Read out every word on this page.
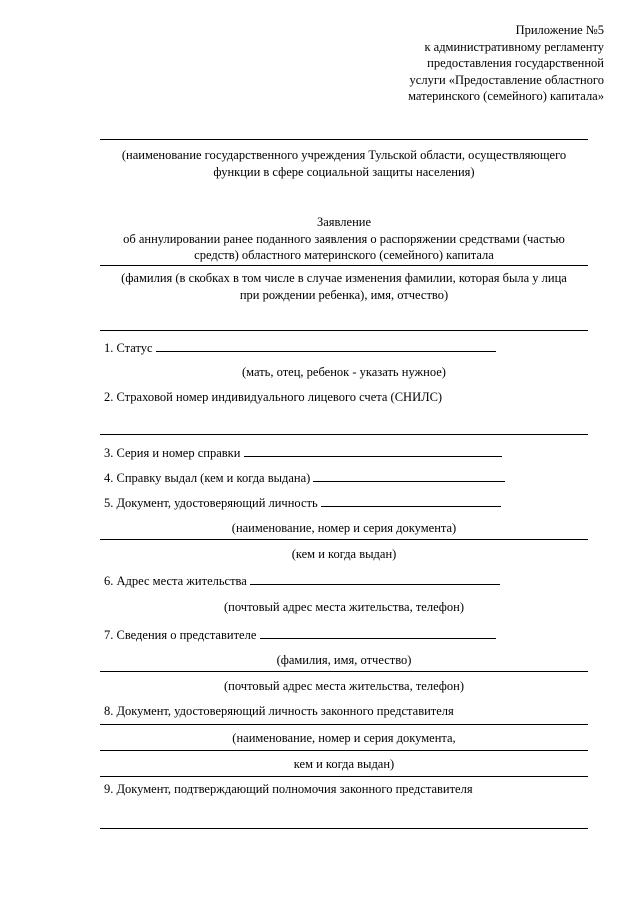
Приложение №5
к административному регламенту
предоставления государственной
услуги «Предоставление областного
материнского (семейного) капитала»
(наименование государственного учреждения Тульской области, осуществляющего
функции в сфере социальной защиты населения)
Заявление
об аннулировании ранее поданного заявления о распоряжении средствами (частью
средств) областного материнского (семейного) капитала
(фамилия (в скобках в том числе в случае изменения фамилии, которая была у лица
при рождении ребенка), имя, отчество)
1. Статус
(мать, отец, ребенок - указать нужное)
2. Страховой номер индивидуального лицевого счета (СНИЛС)
3. Серия и номер справки
4. Справку выдал (кем и когда выдана)
5. Документ, удостоверяющий личность
(наименование, номер и серия документа)
(кем и когда выдан)
6. Адрес места жительства
(почтовый адрес места жительства, телефон)
7. Сведения о представителе
(фамилия, имя, отчество)
(почтовый адрес места жительства, телефон)
8. Документ, удостоверяющий личность законного представителя
(наименование, номер и серия документа,
кем и когда выдан)
9. Документ, подтверждающий полномочия законного представителя
